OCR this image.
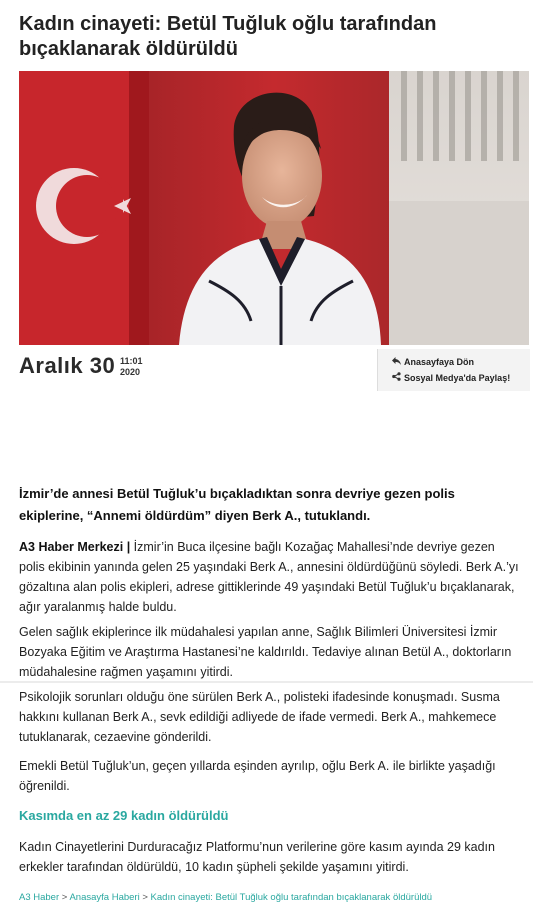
Kadın cinayeti: Betül Tuğluk oğlu tarafından bıçaklanarak öldürüldü
Aralık 30 11:01
2020
Anasayfaya Dön
Sosyal Medya'da Paylaş!

İzmir’de annesi Betül Tuğluk’u bıçakladıktan sonra devriye gezen polis ekiplerine, “Annemi öldürdüm” diyen Berk A., tutuklandı.

A3 Haber Merkezi | İzmir’in Buca ilçesine bağlı Kozağaç Mahallesi’nde devriye gezen polis ekibinin yanında gelen 25 yaşındaki Berk A., annesini öldürdüğünü söyledi. Berk A.’yı gözaltına alan polis ekipleri, adrese gittiklerinde 49 yaşındaki Betül Tuğluk’u bıçaklanarak, ağır yaralanmış halde buldu.

Gelen sağlık ekiplerince ilk müdahalesi yapılan anne, Sağlık Bilimleri Üniversitesi İzmir Bozyaka Eğitim ve Araştırma Hastanesi’ne kaldırıldı. Tedaviye alınan Betül A., doktorların müdahalesine rağmen yaşamını yitirdi.

Psikolojik sorunları olduğu öne sürülen Berk A., polisteki ifadesinde konuşmadı. Susma hakkını kullanan Berk A., sevk edildiği adliyede de ifade vermedi. Berk A., mahkemece tutuklanarak, cezaevine gönderildi.

Emekli Betül Tuğluk’un, geçen yıllarda eşinden ayrılıp, oğlu Berk A. ile birlikte yaşadığı öğrenildi.

Kasımda en az 29 kadın öldürüldü

Kadın Cinayetlerini Durduracağız Platformu’nun verilerine göre kasım ayında 29 kadın erkekler tarafından öldürüldü, 10 kadın şüpheli şekilde yaşamını yitirdi.

A3 Haber > Anasayfa Haberi > Kadın cinayeti: Betül Tuğluk oğlu tarafından bıçaklanarak öldürüldü
